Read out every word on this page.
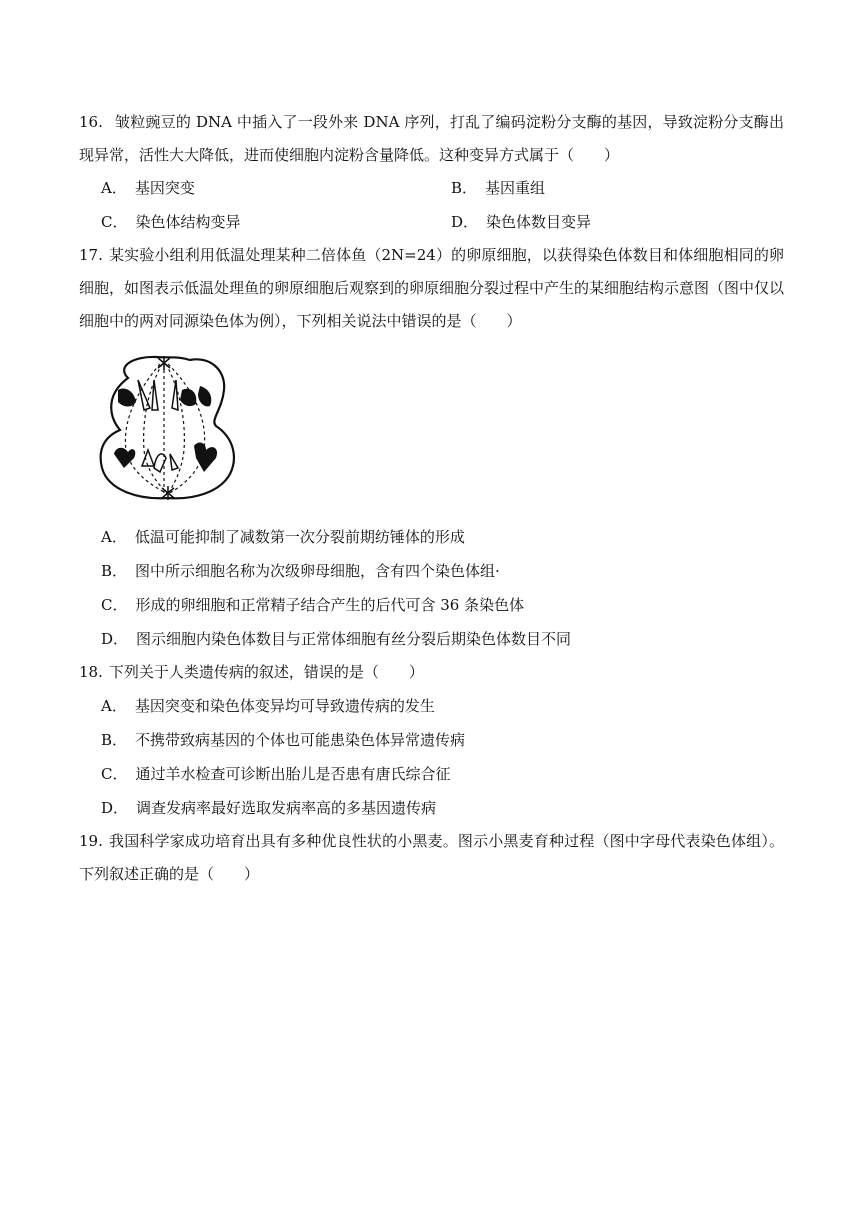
16. 皱粒豌豆的 DNA 中插入了一段外来 DNA 序列，打乱了编码淀粉分支酶的基因，导致淀粉分支酶出现异常，活性大大降低，进而使细胞内淀粉含量降低。这种变异方式属于（　　）
A． 基因突变	B． 基因重组
C． 染色体结构变异	D． 染色体数目变异
17. 某实验小组利用低温处理某种二倍体鱼（2N=24）的卵原细胞，以获得染色体数目和体细胞相同的卵细胞，如图表示低温处理鱼的卵原细胞后观察到的卵原细胞分裂过程中产生的某细胞结构示意图（图中仅以细胞中的两对同源染色体为例），下列相关说法中错误的是（　　）
A． 低温可能抑制了减数第一次分裂前期纺锤体的形成
B． 图中所示细胞名称为次级卵母细胞，含有四个染色体组·
C． 形成的卵细胞和正常精子结合产生的后代可含 36 条染色体
D． 图示细胞内染色体数目与正常体细胞有丝分裂后期染色体数目不同
18. 下列关于人类遗传病的叙述，错误的是（　　）
A． 基因突变和染色体变异均可导致遗传病的发生
B． 不携带致病基因的个体也可能患染色体异常遗传病
C． 通过羊水检查可诊断出胎儿是否患有唐氏综合征
D． 调查发病率最好选取发病率高的多基因遗传病
19. 我国科学家成功培育出具有多种优良性状的小黑麦。图示小黑麦育种过程（图中字母代表染色体组）。下列叙述正确的是（　　）
